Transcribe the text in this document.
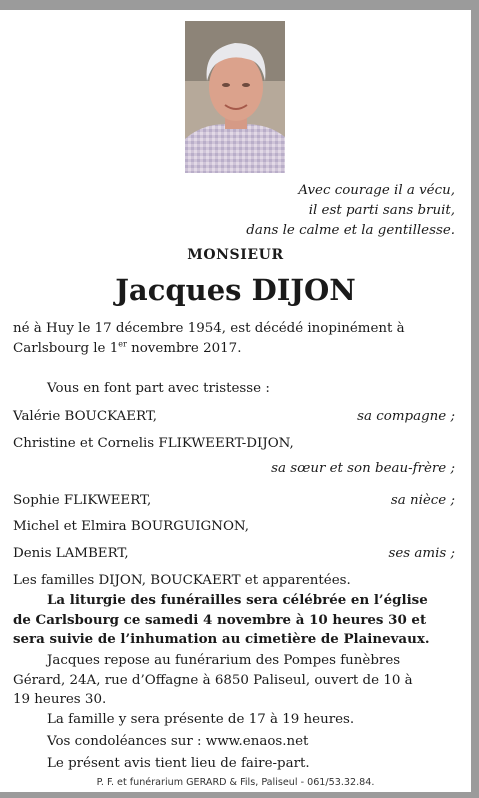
Avec courage il a vécu,
il est parti sans bruit,
dans le calme et la gentillesse.
MONSIEUR
Jacques DIJON
né à Huy le 17 décembre 1954, est décédé inopinément à
Carlsbourg le 1er novembre 2017.
Vous en font part avec tristesse :
Valérie BOUCKAERT,	sa compagne ;
Christine et Cornelis FLIKWEERT-DIJON,
sa sœur et son beau-frère ;
Sophie FLIKWEERT,	sa nièce ;
Michel et Elmira BOURGUIGNON,
Denis LAMBERT,	ses amis ;
Les familles DIJON, BOUCKAERT et apparentées.
La liturgie des funérailles sera célébrée en l’église
de Carlsbourg ce samedi 4 novembre à 10 heures 30 et
sera suivie de l’inhumation au cimetière de Plainevaux.
Jacques repose au funérarium des Pompes funèbres
Gérard, 24A, rue d’Offagne à 6850 Paliseul, ouvert de 10 à
19 heures 30.
La famille y sera présente de 17 à 19 heures.
Vos condoléances sur : www.enaos.net
Le présent avis tient lieu de faire-part.
P. F. et funérarium GERARD & Fils, Paliseul - 061/53.32.84.
